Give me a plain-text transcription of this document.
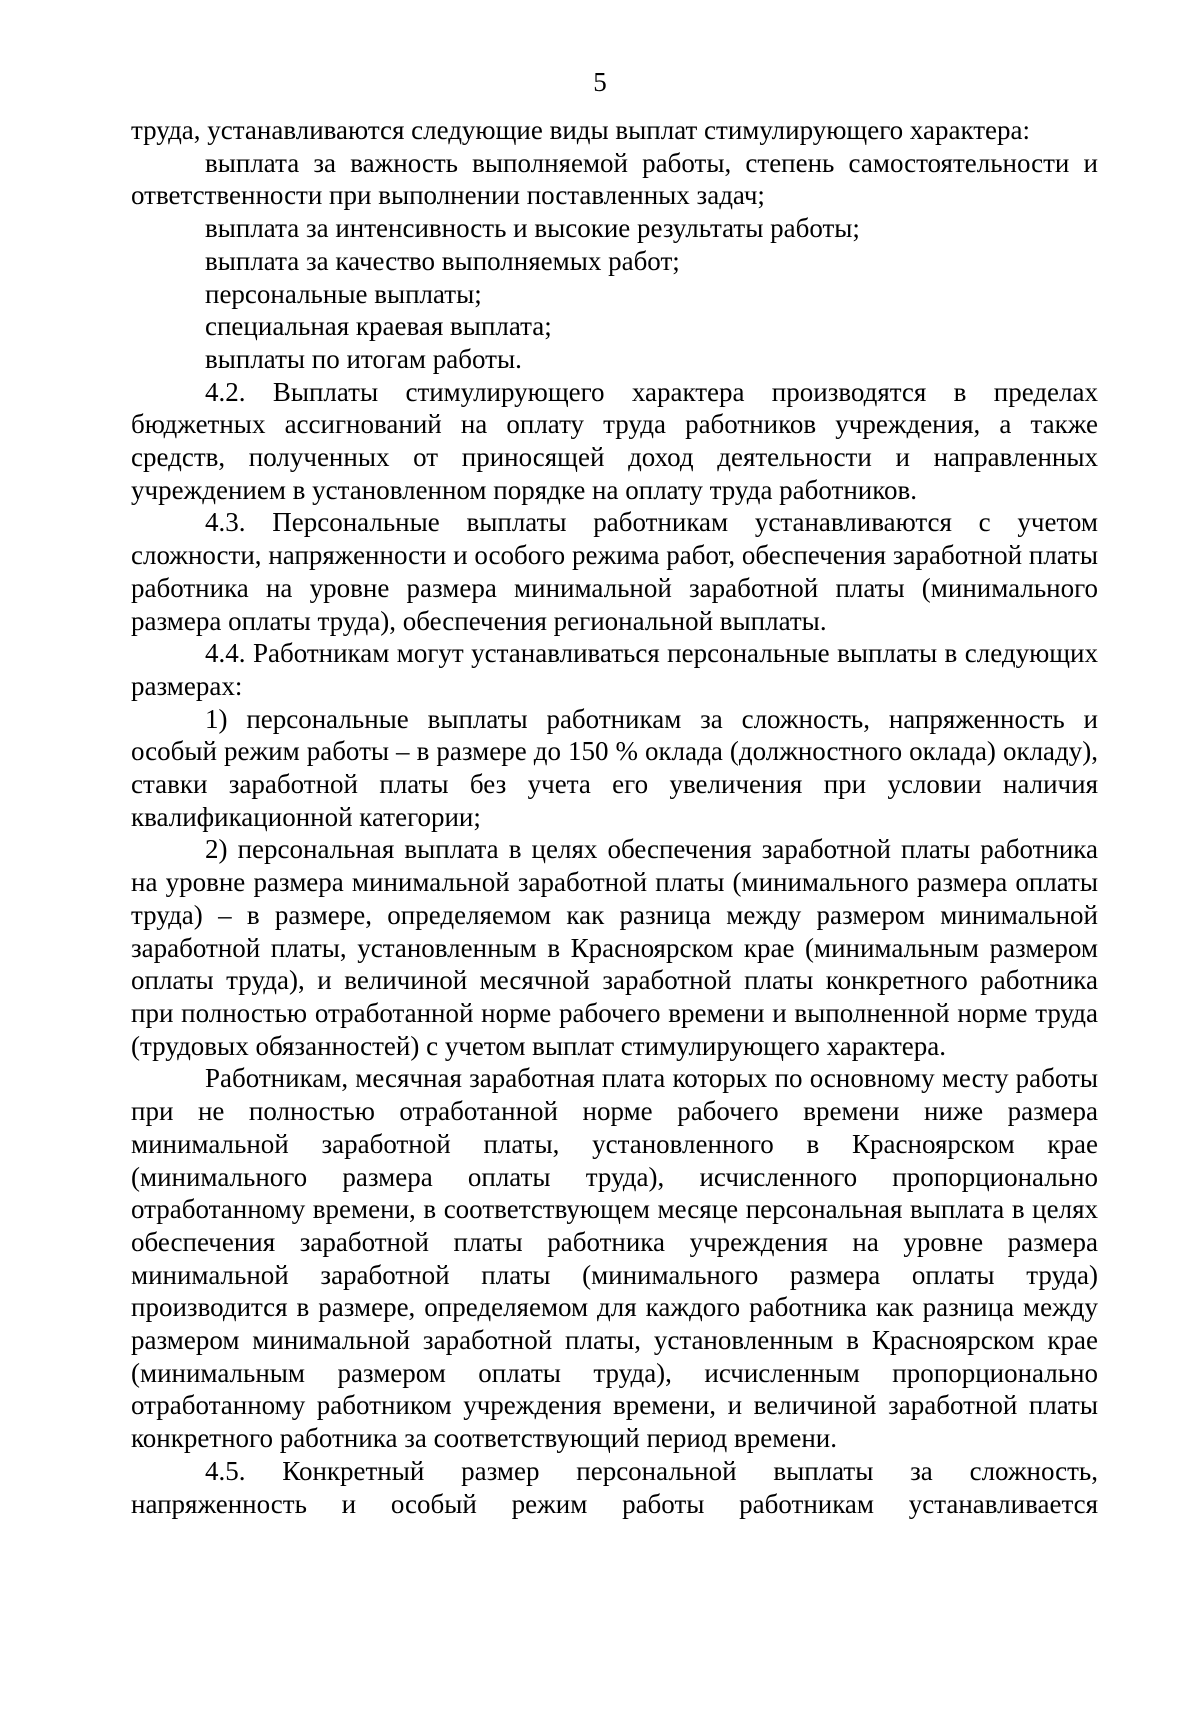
5

труда, устанавливаются следующие виды выплат стимулирующего характера:

выплата за важность выполняемой работы, степень самостоятельности и ответственности при выполнении поставленных задач;

выплата за интенсивность и высокие результаты работы;

выплата за качество выполняемых работ;

персональные выплаты;

специальная краевая выплата;

выплаты по итогам работы.

4.2. Выплаты стимулирующего характера производятся в пределах бюджетных ассигнований на оплату труда работников учреждения, а также средств, полученных от приносящей доход деятельности и направленных учреждением в установленном порядке на оплату труда работников.

4.3. Персональные выплаты работникам устанавливаются с учетом сложности, напряженности и особого режима работ, обеспечения заработной платы работника на уровне размера минимальной заработной платы (минимального размера оплаты труда), обеспечения региональной выплаты.

4.4. Работникам могут устанавливаться персональные выплаты в следующих размерах:

1) персональные выплаты работникам за сложность, напряженность и особый режим работы – в размере до 150 % оклада (должностного оклада) окладу), ставки заработной платы без учета его увеличения при условии наличия квалификационной категории;

2) персональная выплата в целях обеспечения заработной платы работника на уровне размера минимальной заработной платы (минимального размера оплаты труда) – в размере, определяемом как разница между размером минимальной заработной платы, установленным в Красноярском крае (минимальным размером оплаты труда), и величиной месячной заработной платы конкретного работника при полностью отработанной норме рабочего времени и выполненной норме труда (трудовых обязанностей) с учетом выплат стимулирующего характера.

Работникам, месячная заработная плата которых по основному месту работы при не полностью отработанной норме рабочего времени ниже размера минимальной заработной платы, установленного в Красноярском крае (минимального размера оплаты труда), исчисленного пропорционально отработанному времени, в соответствующем месяце персональная выплата в целях обеспечения заработной платы работника учреждения на уровне размера минимальной заработной платы (минимального размера оплаты труда) производится в размере, определяемом для каждого работника как разница между размером минимальной заработной платы, установленным в Красноярском крае (минимальным размером оплаты труда), исчисленным пропорционально отработанному работником учреждения времени, и величиной заработной платы конкретного работника за соответствующий период времени.

4.5. Конкретный размер персональной выплаты за сложность, напряженность и особый режим работы работникам устанавливается
